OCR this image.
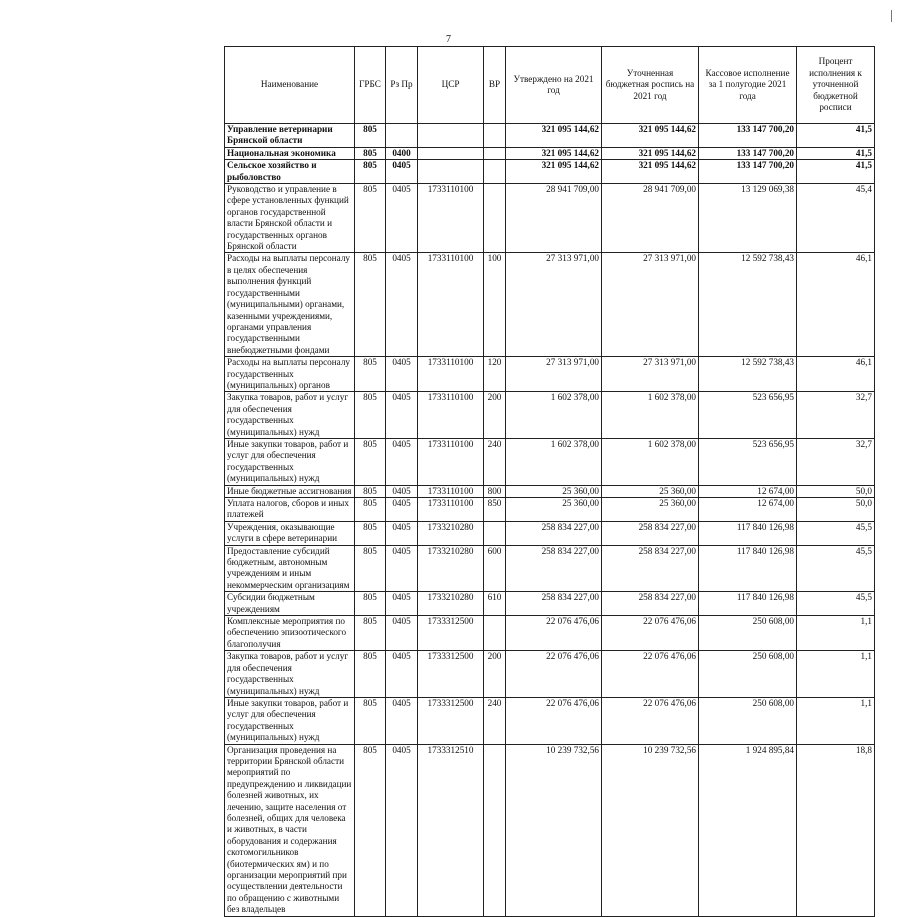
7
Наименование	ГРБС	Рз Пр	ЦСР	ВР	Утверждено на 2021 год	Уточненная бюджетная роспись на 2021 год	Кассовое исполнение за 1 полугодие 2021 года	Процент исполнения к уточненной бюджетной росписи
Управление ветеринарии Брянской области	805				321 095 144,62	321 095 144,62	133 147 700,20	41,5
Национальная экономика	805	0400			321 095 144,62	321 095 144,62	133 147 700,20	41,5
Сельское хозяйство и рыболовство	805	0405			321 095 144,62	321 095 144,62	133 147 700,20	41,5
Руководство и управление в сфере установленных функций органов государственной власти Брянской области и государственных органов Брянской области	805	0405	1733110100		28 941 709,00	28 941 709,00	13 129 069,38	45,4
Расходы на выплаты персоналу в целях обеспечения выполнения функций государственными (муниципальными) органами, казенными учреждениями, органами управления государственными внебюджетными фондами	805	0405	1733110100	100	27 313 971,00	27 313 971,00	12 592 738,43	46,1
Расходы на выплаты персоналу государственных (муниципальных) органов	805	0405	1733110100	120	27 313 971,00	27 313 971,00	12 592 738,43	46,1
Закупка товаров, работ и услуг для обеспечения государственных (муниципальных) нужд	805	0405	1733110100	200	1 602 378,00	1 602 378,00	523 656,95	32,7
Иные закупки товаров, работ и услуг для обеспечения государственных (муниципальных) нужд	805	0405	1733110100	240	1 602 378,00	1 602 378,00	523 656,95	32,7
Иные бюджетные ассигнования	805	0405	1733110100	800	25 360,00	25 360,00	12 674,00	50,0
Уплата налогов, сборов и иных платежей	805	0405	1733110100	850	25 360,00	25 360,00	12 674,00	50,0
Учреждения, оказывающие услуги в сфере ветеринарии	805	0405	1733210280		258 834 227,00	258 834 227,00	117 840 126,98	45,5
Предоставление субсидий бюджетным, автономным учреждениям и иным некоммерческим организациям	805	0405	1733210280	600	258 834 227,00	258 834 227,00	117 840 126,98	45,5
Субсидии бюджетным учреждениям	805	0405	1733210280	610	258 834 227,00	258 834 227,00	117 840 126,98	45,5
Комплексные мероприятия по обеспечению эпизоотического благополучия	805	0405	1733312500		22 076 476,06	22 076 476,06	250 608,00	1,1
Закупка товаров, работ и услуг для обеспечения государственных (муниципальных) нужд	805	0405	1733312500	200	22 076 476,06	22 076 476,06	250 608,00	1,1
Иные закупки товаров, работ и услуг для обеспечения государственных (муниципальных) нужд	805	0405	1733312500	240	22 076 476,06	22 076 476,06	250 608,00	1,1
Организация проведения на территории Брянской области мероприятий по предупреждению и ликвидации болезней животных, их лечению, защите населения от болезней, общих для человека и животных, в части оборудования и содержания скотомогильников (биотермических ям) и по организации мероприятий при осуществлении деятельности по обращению с животными без владельцев	805	0405	1733312510		10 239 732,56	10 239 732,56	1 924 895,84	18,8
